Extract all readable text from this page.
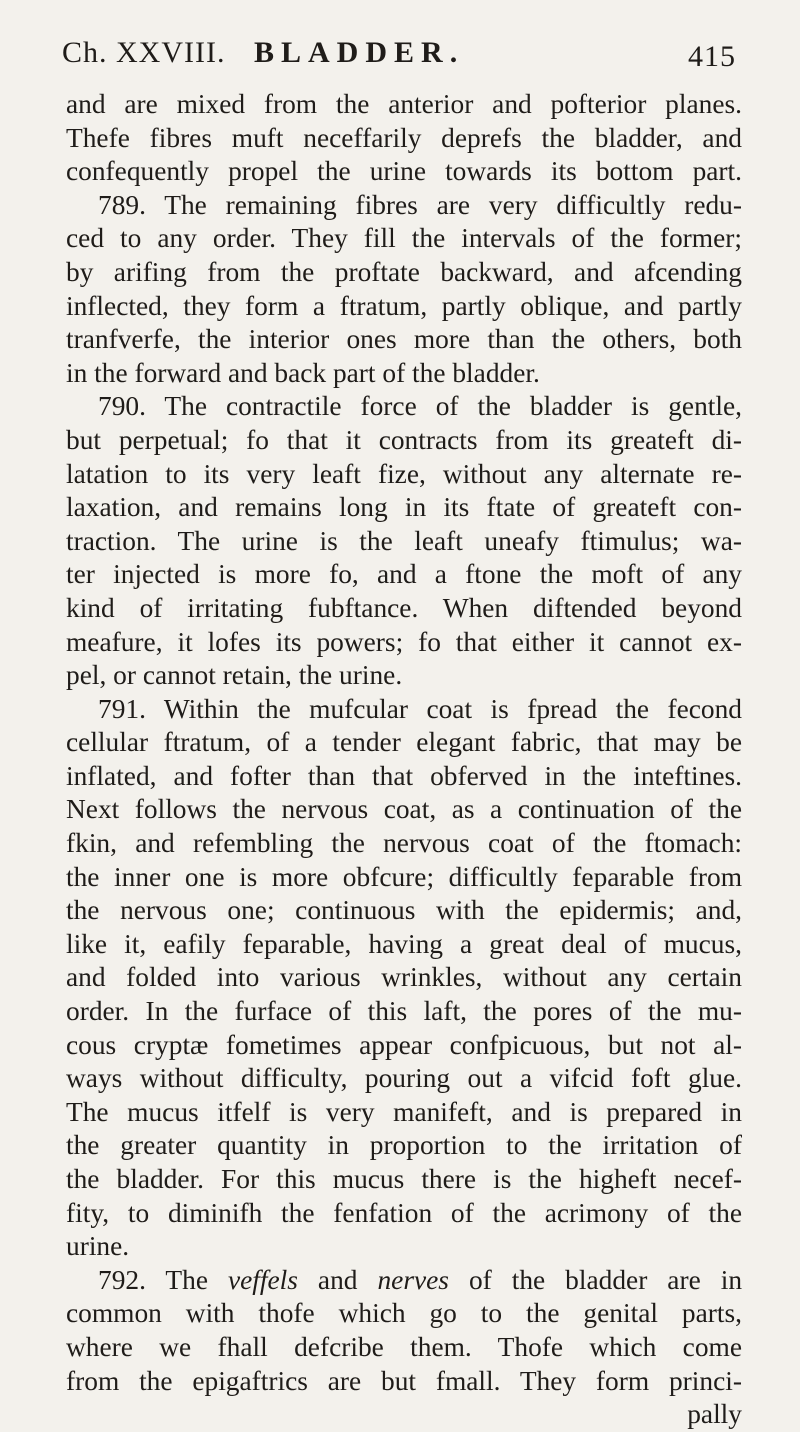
Ch. XXVIII. BLADDER.	415
and are mixed from the anterior and pofterior planes.
Thefe fibres muft neceffarily deprefs the bladder, and
confequently propel the urine towards its bottom part.
789. The remaining fibres are very difficultly redu-
ced to any order. They fill the intervals of the former;
by arifing from the proftate backward, and afcending
inflected, they form a ftratum, partly oblique, and partly
tranfverfe, the interior ones more than the others, both
in the forward and back part of the bladder.
790. The contractile force of the bladder is gentle,
but perpetual; fo that it contracts from its greateft di-
latation to its very leaft fize, without any alternate re-
laxation, and remains long in its ftate of greateft con-
traction. The urine is the leaft uneafy ftimulus; wa-
ter injected is more fo, and a ftone the moft of any
kind of irritating fubftance. When diftended beyond
meafure, it lofes its powers; fo that either it cannot ex-
pel, or cannot retain, the urine.
791. Within the mufcular coat is fpread the fecond
cellular ftratum, of a tender elegant fabric, that may be
inflated, and fofter than that obferved in the inteftines.
Next follows the nervous coat, as a continuation of the
fkin, and refembling the nervous coat of the ftomach:
the inner one is more obfcure; difficultly feparable from
the nervous one; continuous with the epidermis; and,
like it, eafily feparable, having a great deal of mucus,
and folded into various wrinkles, without any certain
order. In the furface of this laft, the pores of the mu-
cous cryptæ fometimes appear confpicuous, but not al-
ways without difficulty, pouring out a vifcid foft glue.
The mucus itfelf is very manifeft, and is prepared in
the greater quantity in proportion to the irritation of
the bladder. For this mucus there is the higheft necef-
fity, to diminifh the fenfation of the acrimony of the
urine.
792. The veffels and nerves of the bladder are in
common with thofe which go to the genital parts,
where we fhall defcribe them. Thofe which come
from the epigaftrics are but fmall. They form princi-
pally
